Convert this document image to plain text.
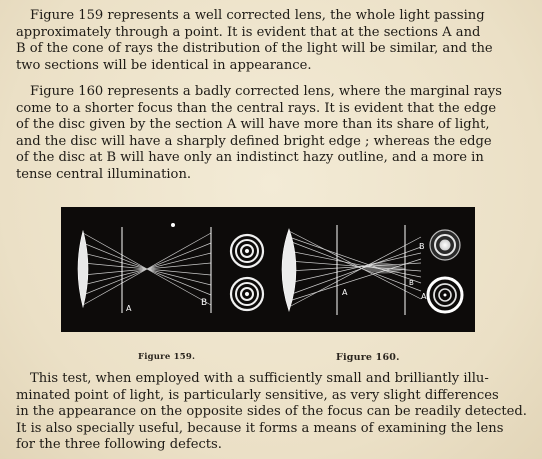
Figure 159 represents a well corrected lens, the whole light passing
approximately through a point. It is evident that at the sections A and
B of the cone of rays the distribution of the light will be similar, and the
two sections will be identical in appearance.

Figure 160 represents a badly corrected lens, where the marginal rays
come to a shorter focus than the central rays. It is evident that the edge
of the disc given by the section A will have more than its share of light,
and the disc will have a sharply defined bright edge ; whereas the edge
of the disc at B will have only an indistinct hazy outline, and a more in
tense central illumination.

A
B
A
B
B
A
Figure 159.	Figure 160.

This test, when employed with a sufficiently small and brilliantly illu-
minated point of light, is particularly sensitive, as very slight differences
in the appearance on the opposite sides of the focus can be readily detected.
It is also specially useful, because it forms a means of examining the lens
for the three following defects.
